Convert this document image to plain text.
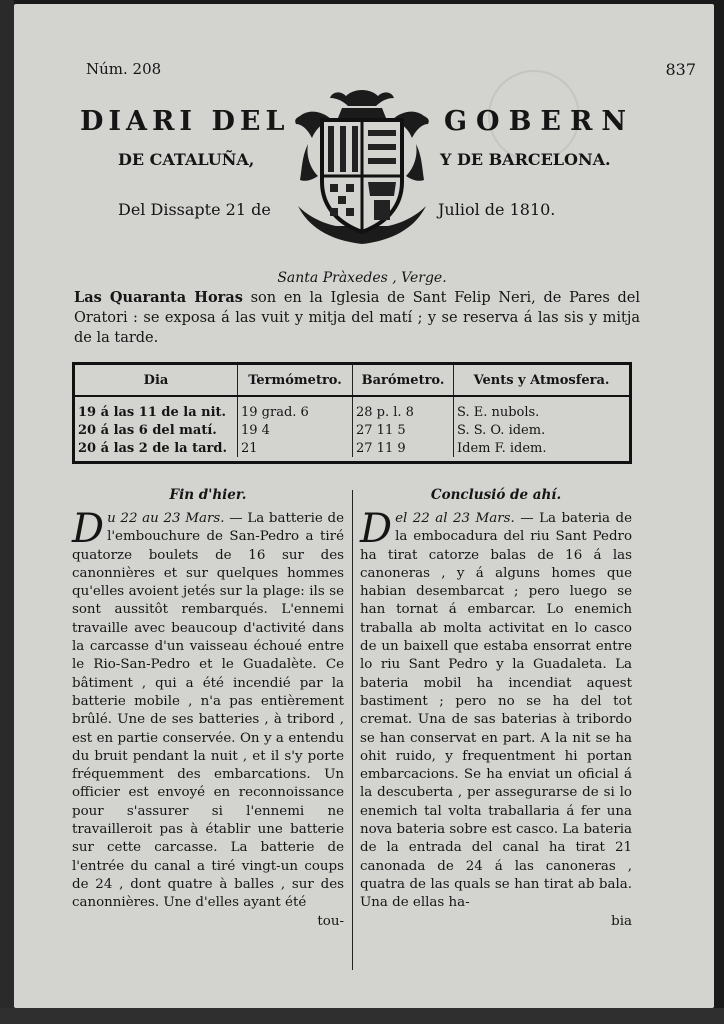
Núm. 208	837
DIARI DEL	GOBERN
DE CATALUÑA,	Y DE BARCELONA.
Del Dissapte 21 de	Juliol de 1810.
Santa Pràxedes , Verge.
Las Quaranta Horas son en la Iglesia de Sant Felip Neri, de Pares del Oratori : se exposa á las vuit y mitja del matí ; y se reserva á las sis y mitja de la tarde.
Dia	Termómetro.	Barómetro.	Vents y Atmosfera.
19 á las 11 de la nit.	19 grad. 6	28 p. l. 8	S. E. nubols.
20 á las 6 del matí.	19 4	27 11 5	S. S. O. idem.
20 á las 2 de la tard.	21	27 11 9	Idem F. idem.
Fin d'hier.
Du 22 au 23 Mars. — La batterie de l'embouchure de San-Pedro a tiré quatorze boulets de 16 sur des canonnières et sur quelques hommes qu'elles avoient jetés sur la plage: ils se sont aussitôt rembarqués. L'ennemi travaille avec beaucoup d'activité dans la carcasse d'un vaisseau échoué entre le Rio-San-Pedro et le Guadalète. Ce bâtiment , qui a été incendié par la batterie mobile , n'a pas entièrement brûlé. Une de ses batteries , à tribord , est en partie conservée. On y a entendu du bruit pendant la nuit , et il s'y porte fréquemment des embarcations. Un officier est envoyé en reconnoissance pour s'assurer si l'ennemi ne travailleroit pas à établir une batterie sur cette carcasse. La batterie de l'entrée du canal a tiré vingt-un coups de 24 , dont quatre à balles , sur des canonnières. Une d'elles ayant été
tou-
Conclusió de ahí.
Del 22 al 23 Mars. — La bateria de la embocadura del riu Sant Pedro ha tirat catorze balas de 16 á las canoneras , y á alguns homes que habian desembarcat ; pero luego se han tornat á embarcar. Lo enemich traballa ab molta activitat en lo casco de un baixell que estaba ensorrat entre lo riu Sant Pedro y la Guadaleta. La bateria mobil ha incendiat aquest bastiment ; pero no se ha del tot cremat. Una de sas baterias à tribordo se han conservat en part. A la nit se ha ohit ruido, y frequentment hi portan embarcacions. Se ha enviat un oficial á la descuberta , per assegurarse de si lo enemich tal volta traballaria á fer una nova bateria sobre est casco. La bateria de la entrada del canal ha tirat 21 canonada de 24 á las canoneras , quatra de las quals se han tirat ab bala. Una de ellas ha-
bia
